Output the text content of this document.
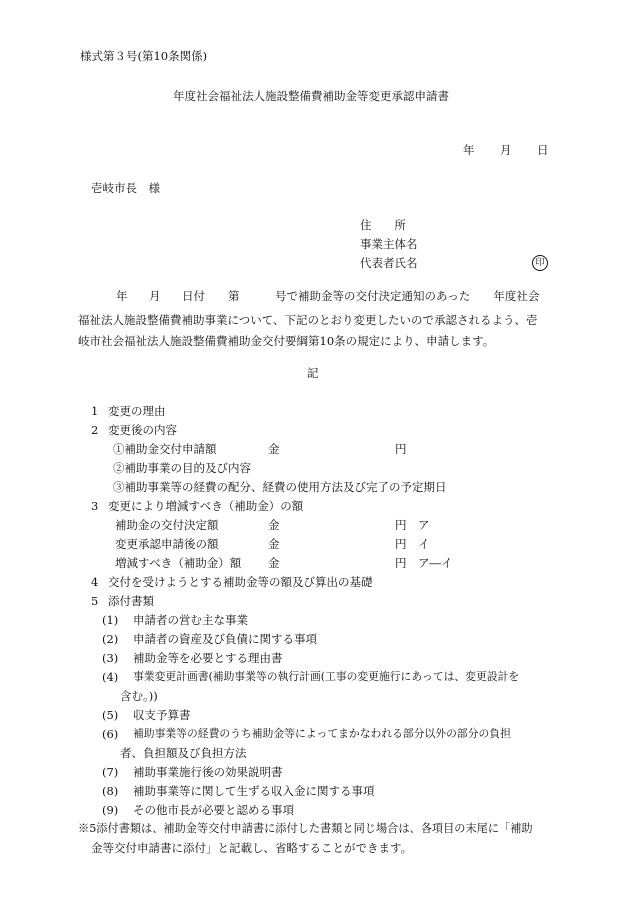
様式第３号(第10条関係)
年度社会福祉法人施設整備費補助金等変更承認申請書
年 月 日
壱岐市長　様
住　　所
事業主体名
代表者氏名	印
年 月 日付 第	号で補助金等の交付決定通知のあった　　年度社会
福祉法人施設整備費補助事業について、下記のとおり変更したいので承認されるよう、壱
岐市社会福祉法人施設整備費補助金交付要綱第10条の規定により、申請します。
記
1 変更の理由
2 変更後の内容
①補助金交付申請額	金	円
②補助事業の目的及び内容
③補助事業等の経費の配分、経費の使用方法及び完了の予定期日
3 変更により増減すべき（補助金）の額
補助金の交付決定額	金	円 ア
変更承認申請後の額	金	円 イ
増減すべき（補助金）額 金	円 ア―イ
4 交付を受けようとする補助金等の額及び算出の基礎
5 添付書類
(1) 申請者の営む主な事業
(2) 申請者の資産及び負債に関する事項
(3) 補助金等を必要とする理由書
(4) 事業変更計画書(補助事業等の執行計画(工事の変更施行にあっては、変更設計を
含む。))
(5) 収支予算書
(6) 補助事業等の経費のうち補助金等によってまかなわれる部分以外の部分の負担
者、負担額及び負担方法
(7) 補助事業施行後の効果説明書
(8) 補助事業等に関して生ずる収入金に関する事項
(9) その他市長が必要と認める事項
※5添付書類は、補助金等交付申請書に添付した書類と同じ場合は、各項目の末尾に「補助
金等交付申請書に添付」と記載し、省略することができます。
